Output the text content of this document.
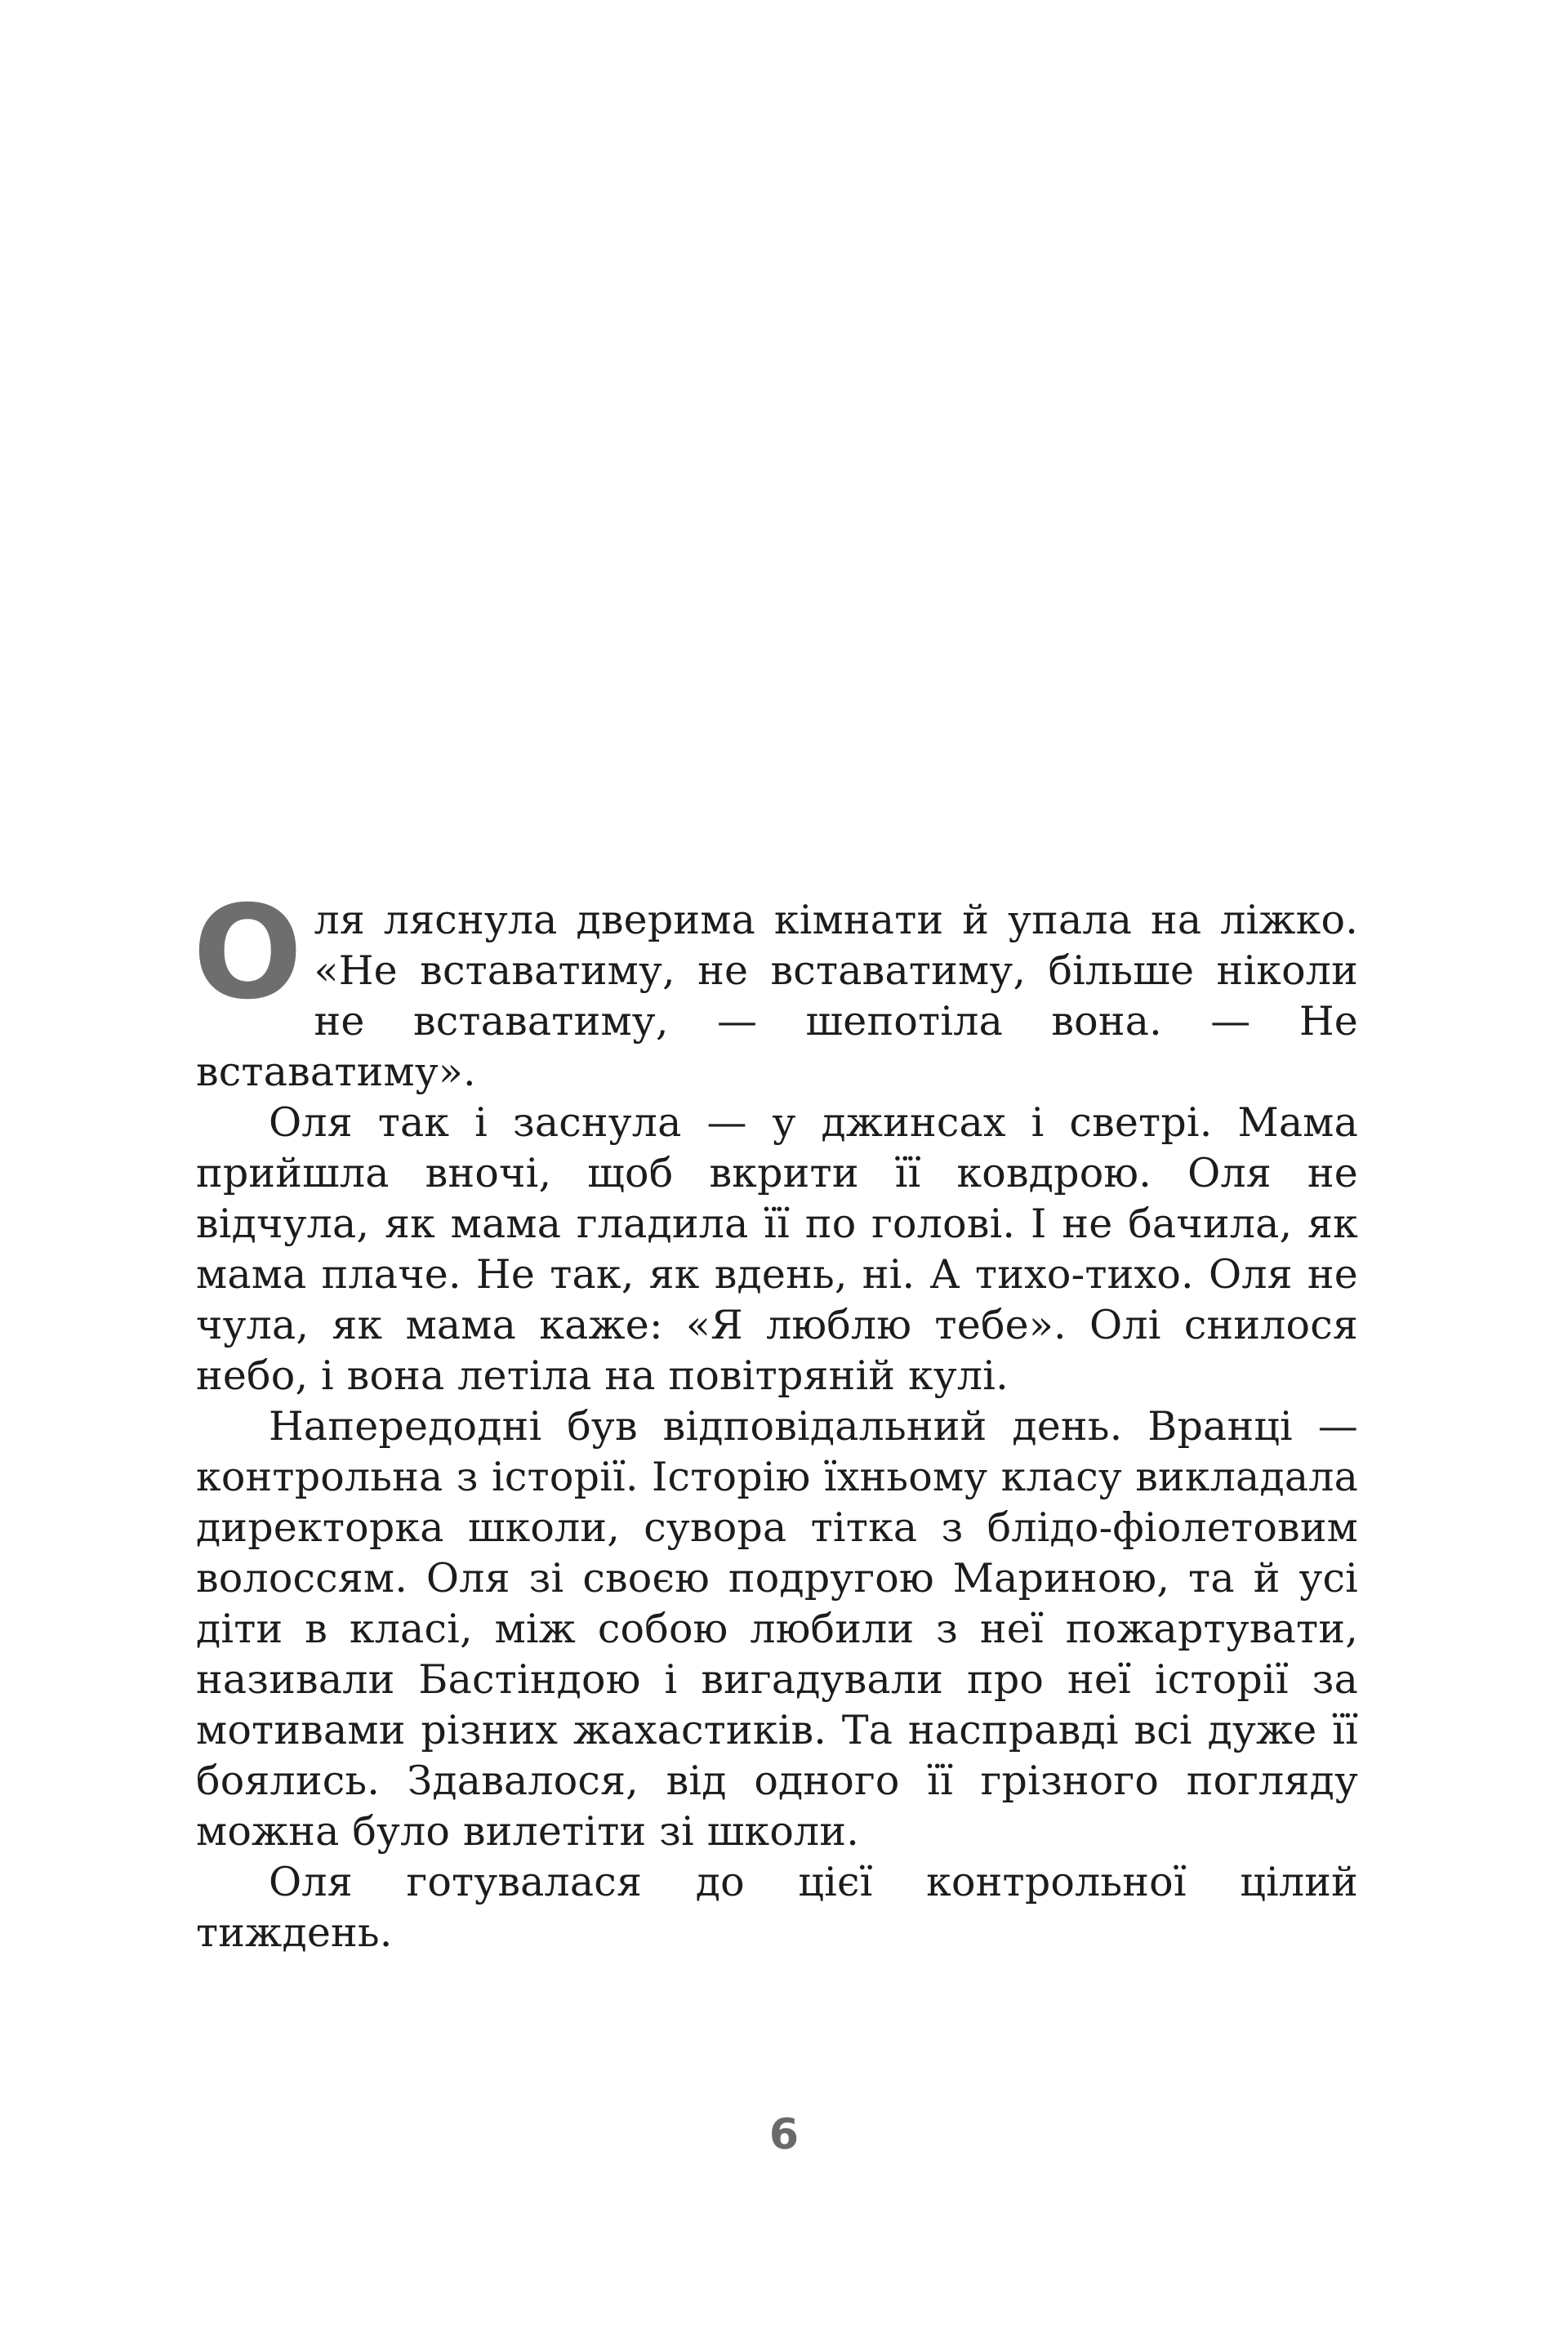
Оля ляснула дверима кімнати й упала на ліжко. «Не вставатиму, не вставатиму, більше ніколи не вставатиму, — шепотіла вона. — Не вставатиму».

Оля так і заснула — у джинсах і светрі. Мама прийшла вночі, щоб вкрити її ковдрою. Оля не відчула, як мама гладила її по голові. І не бачила, як мама плаче. Не так, як вдень, ні. А тихо-тихо. Оля не чула, як мама каже: «Я люблю тебе». Олі снилося небо, і вона летіла на повітряній кулі.

Напередодні був відповідальний день. Вранці — контрольна з історії. Історію їхньому класу викладала директорка школи, сувора тітка з блідо-фіолетовим волоссям. Оля зі своєю подругою Мариною, та й усі діти в класі, між собою любили з неї пожартувати, називали Бастіндою і вигадували про неї історії за мотивами різних жахастиків. Та насправді всі дуже її боялись. Здавалося, від одного її грізного погляду можна було вилетіти зі школи.

Оля готувалася до цієї контрольної цілий тиждень.

6
